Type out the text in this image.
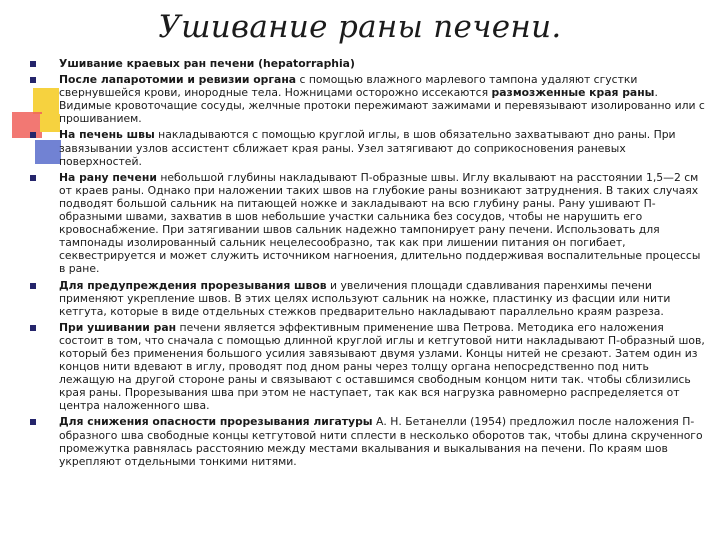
Ушивание раны печени.
Ушивание краевых ран печени (hepatorraphia)
После лапаротомии и ревизии органа с помощью влажного марлевого тампона удаляют сгустки свернувшейся крови, инородные тела. Ножницами осторожно иссекаются размозженные края раны. Видимые кровоточащие сосуды, желчные протоки пережимают зажимами и перевязывают изолированно или с прошиванием.
На печень швы накладываются с помощью круглой иглы, в шов обязательно захватывают дно раны. При завязывании узлов ассистент сближает края раны. Узел затягивают до соприкосновения раневых поверхностей.
На рану печени небольшой глубины накладывают П-образные швы. Иглу вкалывают на расстоянии 1,5—2 см от краев раны. Однако при наложении таких швов на глубокие раны возникают затруднения. В таких случаях подводят большой сальник на питающей ножке и закладывают на всю глубину раны. Рану ушивают П-образными швами, захватив в шов небольшие участки сальника без сосудов, чтобы не нарушить его кровоснабжение. При затягивании швов сальник надежно тампонирует рану печени. Использовать для тампонады изолированный сальник нецелесообразно, так как при лишении питания он погибает, секвестрируется и может служить источником нагноения, длительно поддерживая воспалительные процессы в ране.
Для предупреждения прорезывания швов и увеличения площади сдавливания паренхимы печени применяют укрепление швов. В этих целях используют сальник на ножке, пластинку из фасции или нити кетгута, которые в виде отдельных стежков предварительно накладывают параллельно краям разреза.
При ушивании ран печени является эффективным применение шва Петрова. Методика его наложения состоит в том, что сначала с помощью длинной круглой иглы и кетгутовой нити накладывают П-образный шов, который без применения большого усилия завязывают двумя узлами. Концы нитей не срезают. Затем один из концов нити вдевают в иглу, проводят под дном раны через толщу органа непосредственно под нить лежащую на другой стороне раны и связывают с оставшимся свободным концом нити так. чтобы сблизились края раны. Прорезывания шва при этом не наступает, так как вся нагрузка равномерно распределяется от центра наложенного шва.
Для снижения опасности прорезывания лигатуры А. Н. Бетанелли (1954) предложил после наложения П-образного шва свободные концы кетгутовой нити сплести в несколько оборотов так, чтобы длина скрученного промежутка равнялась расстоянию между местами вкалывания и выкалывания на печени. По краям шов укрепляют отдельными тонкими нитями.
